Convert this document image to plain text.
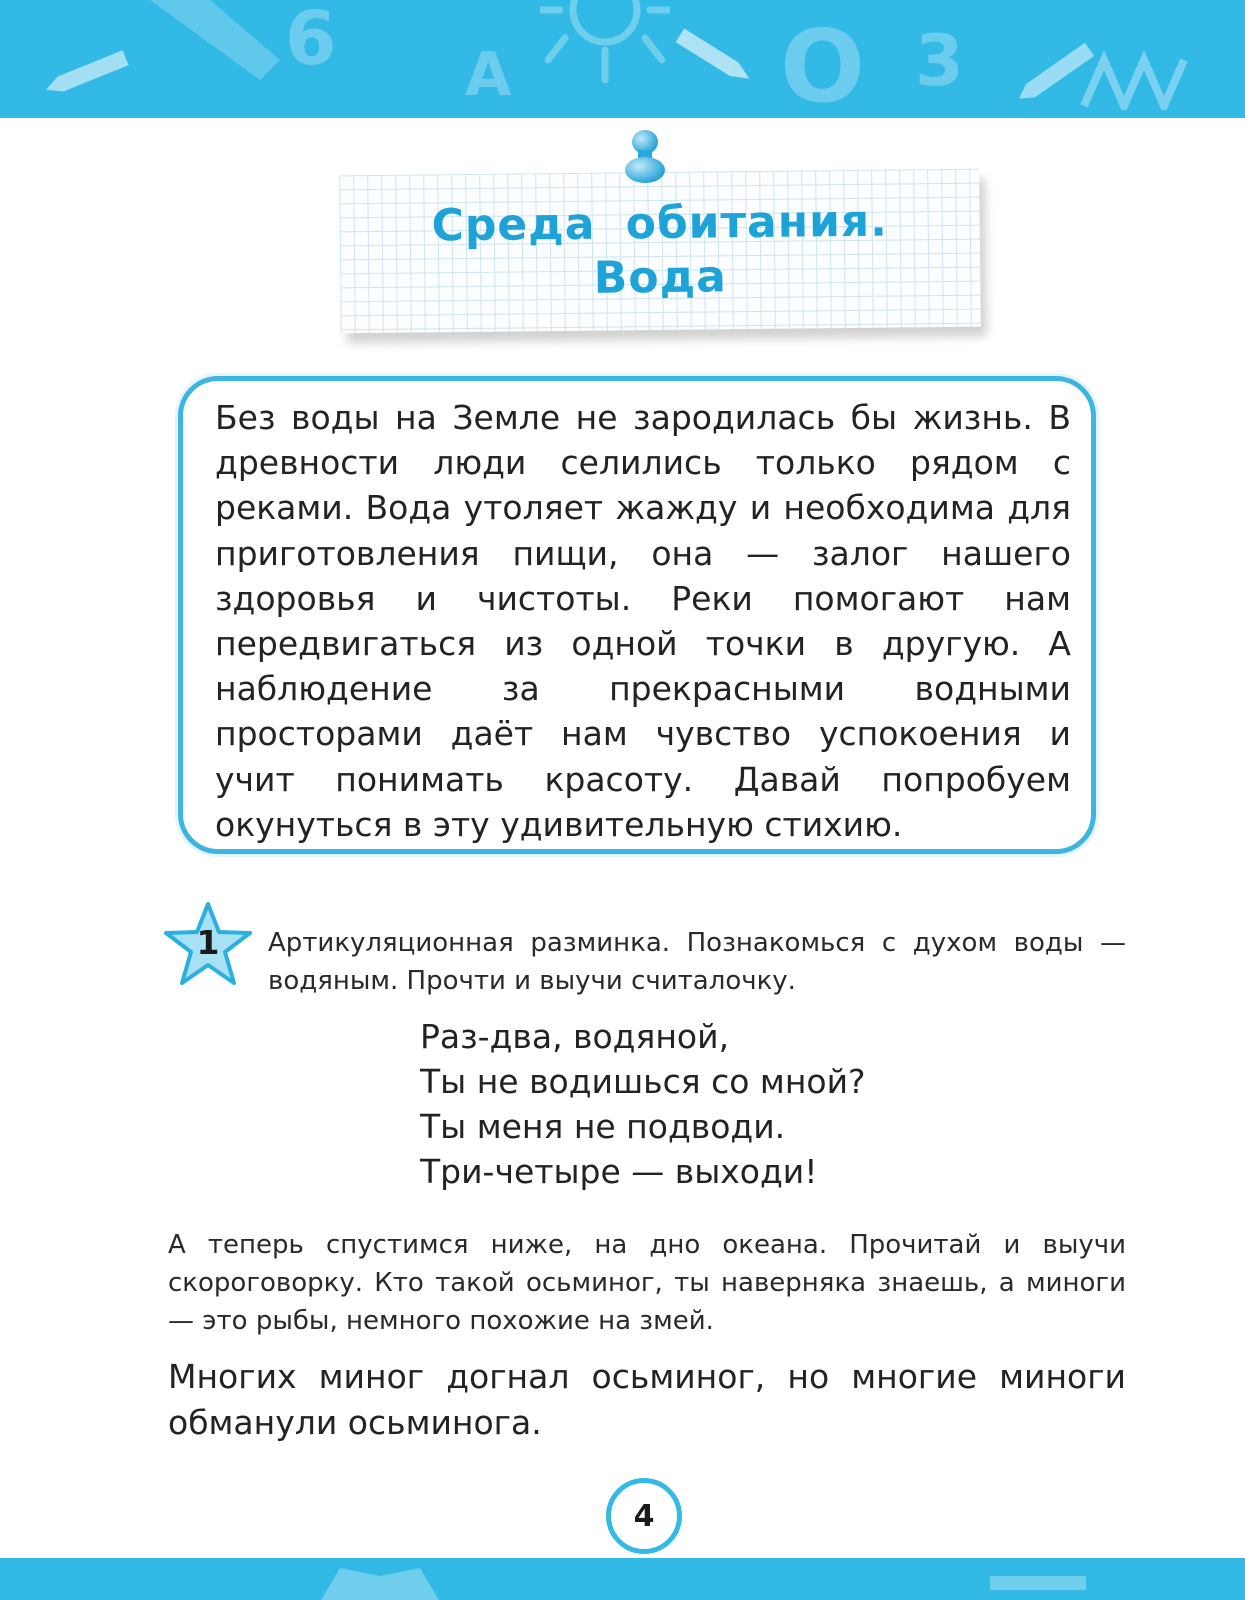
6 А	О 3
Среда обитания.
Вода

Без воды на Земле не зародилась бы жизнь. В древности люди селились только рядом с реками. Вода утоляет жажду и необходима для приготовления пищи, она — залог нашего здоровья и чистоты. Реки помогают нам передвигаться из одной точки в другую. А наблюдение за прекрасными водными просторами даёт нам чувство успокоения и учит понимать красоту. Давай попробуем окунуться в эту удивительную стихию.

1	Артикуляционная разминка. Познакомься с духом воды — водяным. Прочти и выучи считалочку.

Раз-два, водяной,
Ты не водишься со мной?
Ты меня не подводи.
Три-четыре — выходи!

А теперь спустимся ниже, на дно океана. Прочитай и выучи скороговорку. Кто такой осьминог, ты наверняка знаешь, а миноги — это рыбы, немного похожие на змей.

Многих миног догнал осьминог, но многие миноги обманули осьминога.

4
